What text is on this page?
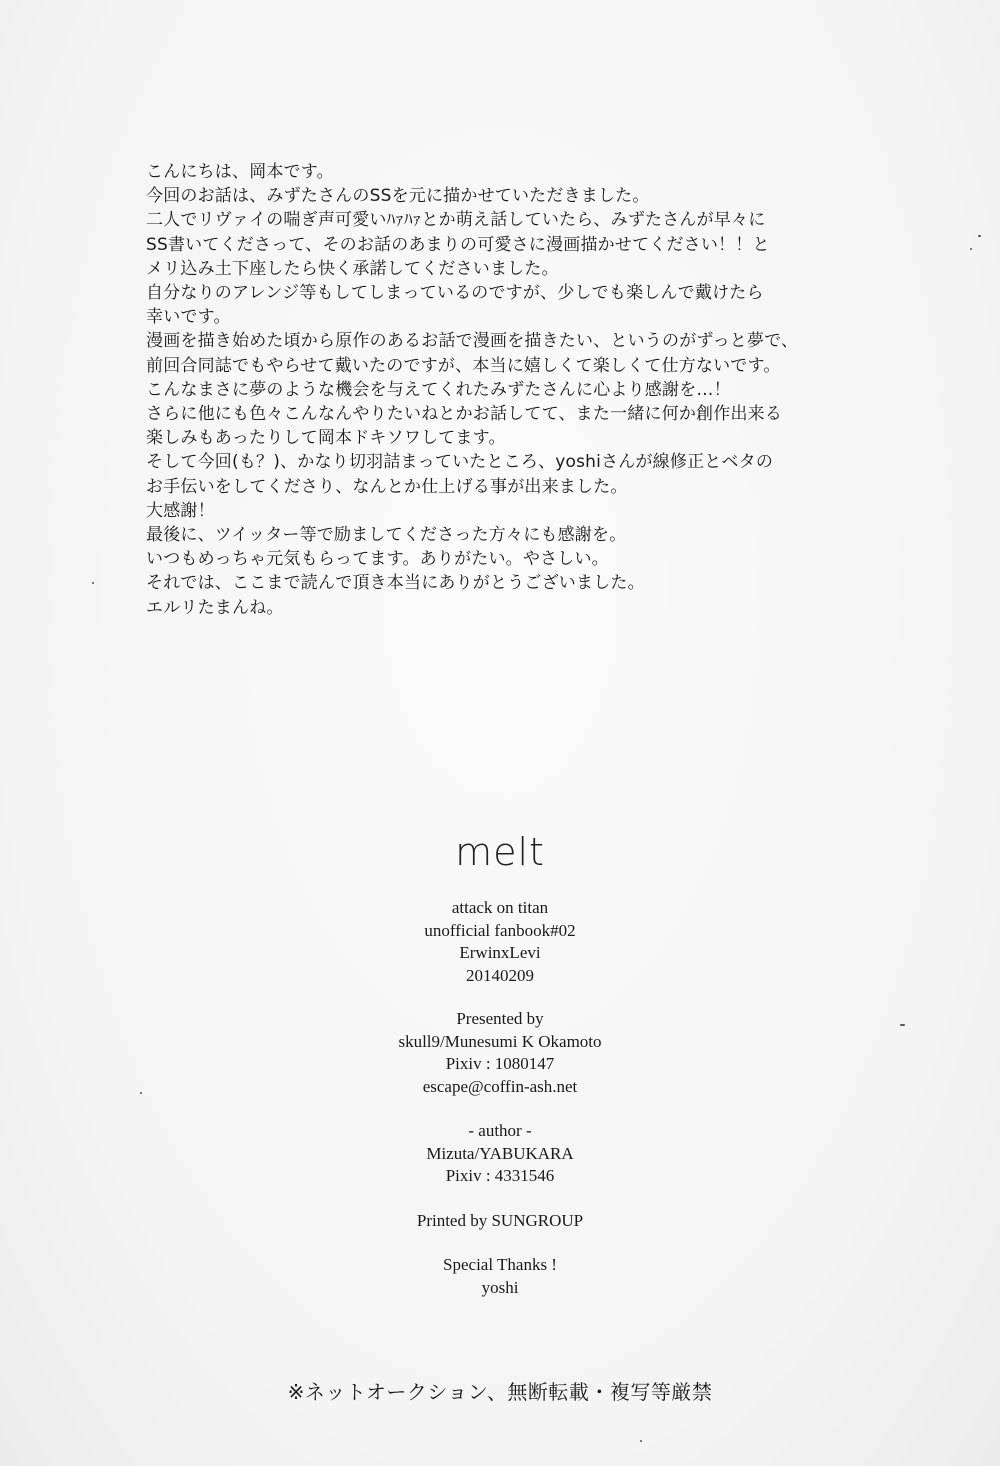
こんにちは、岡本です。
今回のお話は、みずたさんのSSを元に描かせていただきました。
二人でリヴァイの喘ぎ声可愛いﾊｧﾊｧとか萌え話していたら、みずたさんが早々に
SS書いてくださって、そのお話のあまりの可愛さに漫画描かせてください！！と
メリ込み土下座したら快く承諾してくださいました。
自分なりのアレンジ等もしてしまっているのですが、少しでも楽しんで戴けたら
幸いです。
漫画を描き始めた頃から原作のあるお話で漫画を描きたい、というのがずっと夢で、
前回合同誌でもやらせて戴いたのですが、本当に嬉しくて楽しくて仕方ないです。
こんなまさに夢のような機会を与えてくれたみずたさんに心より感謝を…！
さらに他にも色々こんなんやりたいねとかお話してて、また一緒に何か創作出来る
楽しみもあったりして岡本ドキソワしてます。
そして今回(も？)、かなり切羽詰まっていたところ、yoshiさんが線修正とベタの
お手伝いをしてくださり、なんとか仕上げる事が出来ました。
大感謝！
最後に、ツイッター等で励ましてくださった方々にも感謝を。
いつもめっちゃ元気もらってます。ありがたい。やさしい。
それでは、ここまで読んで頂き本当にありがとうございました。
エルリたまんね。
melt
attack on titan
unofficial fanbook#02
ErwinxLevi
20140209
Presented by
skull9/Munesumi K Okamoto
Pixiv : 1080147
escape@coffin-ash.net
- author -
Mizuta/YABUKARA
Pixiv : 4331546
Printed by SUNGROUP
Special Thanks !
yoshi
※ネットオークション、無断転載・複写等厳禁
